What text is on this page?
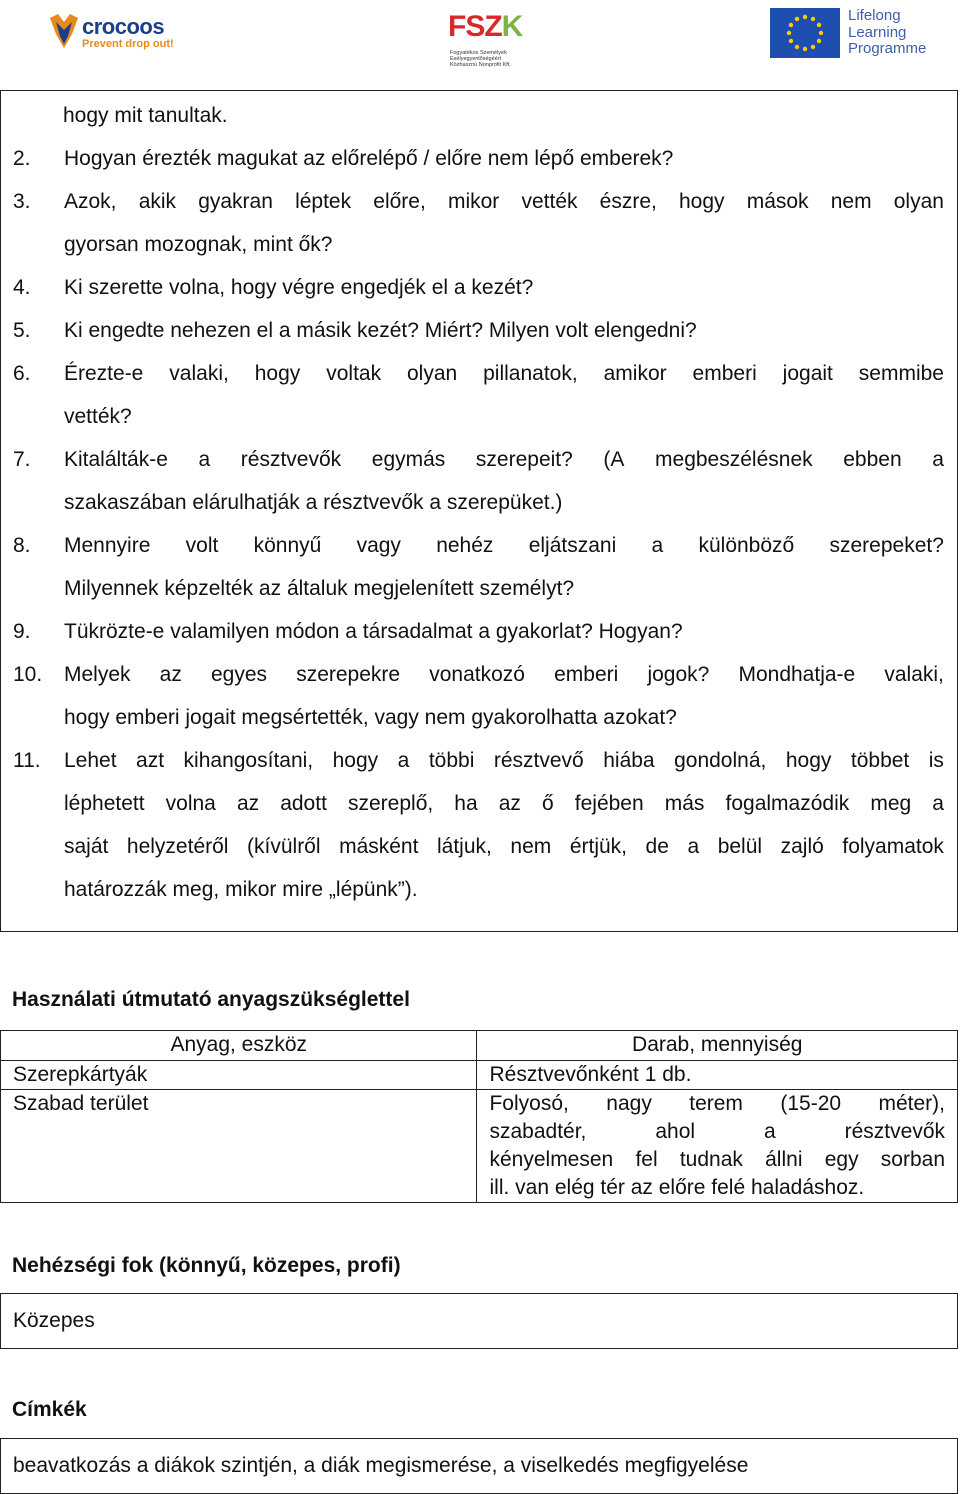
crocoos
Prevent drop out!
FSZK
Fogyatékos Személyek Esélyegyenlőségéért Közhasznú Nonprofit Kft.
Lifelong
Learning
Programme
hogy mit tanultak.
2. Hogyan érezték magukat az előrelépő / előre nem lépő emberek?
3. Azok, akik gyakran léptek előre, mikor vették észre, hogy mások nem olyan
gyorsan mozognak, mint ők?
4. Ki szerette volna, hogy végre engedjék el a kezét?
5. Ki engedte nehezen el a másik kezét? Miért? Milyen volt elengedni?
6. Érezte-e valaki, hogy voltak olyan pillanatok, amikor emberi jogait semmibe
vették?
7. Kitalálták-e a résztvevők egymás szerepeit? (A megbeszélésnek ebben a
szakaszában elárulhatják a résztvevők a szerepüket.)
8. Mennyire volt könnyű vagy nehéz eljátszani a különböző szerepeket?
Milyennek képzelték az általuk megjelenített személyt?
9. Tükrözte-e valamilyen módon a társadalmat a gyakorlat? Hogyan?
10. Melyek az egyes szerepekre vonatkozó emberi jogok? Mondhatja-e valaki,
hogy emberi jogait megsértették, vagy nem gyakorolhatta azokat?
11. Lehet azt kihangosítani, hogy a többi résztvevő hiába gondolná, hogy többet is
léphetett volna az adott szereplő, ha az ő fejében más fogalmazódik meg a
saját helyzetéről (kívülről másként látjuk, nem értjük, de a belül zajló folyamatok
határozzák meg, mikor mire „lépünk”).
Használati útmutató anyagszükséglettel
Anyag, eszköz	Darab, mennyiség
Szerepkártyák	Résztvevőnként 1 db.
Szabad terület	Folyosó, nagy terem (15-20 méter),
szabadtér, ahol a résztvevők
kényelmesen fel tudnak állni egy sorban
ill. van elég tér az előre felé haladáshoz.
Nehézségi fok (könnyű, közepes, profi)
Közepes
Címkék
beavatkozás a diákok szintjén, a diák megismerése, a viselkedés megfigyelése
